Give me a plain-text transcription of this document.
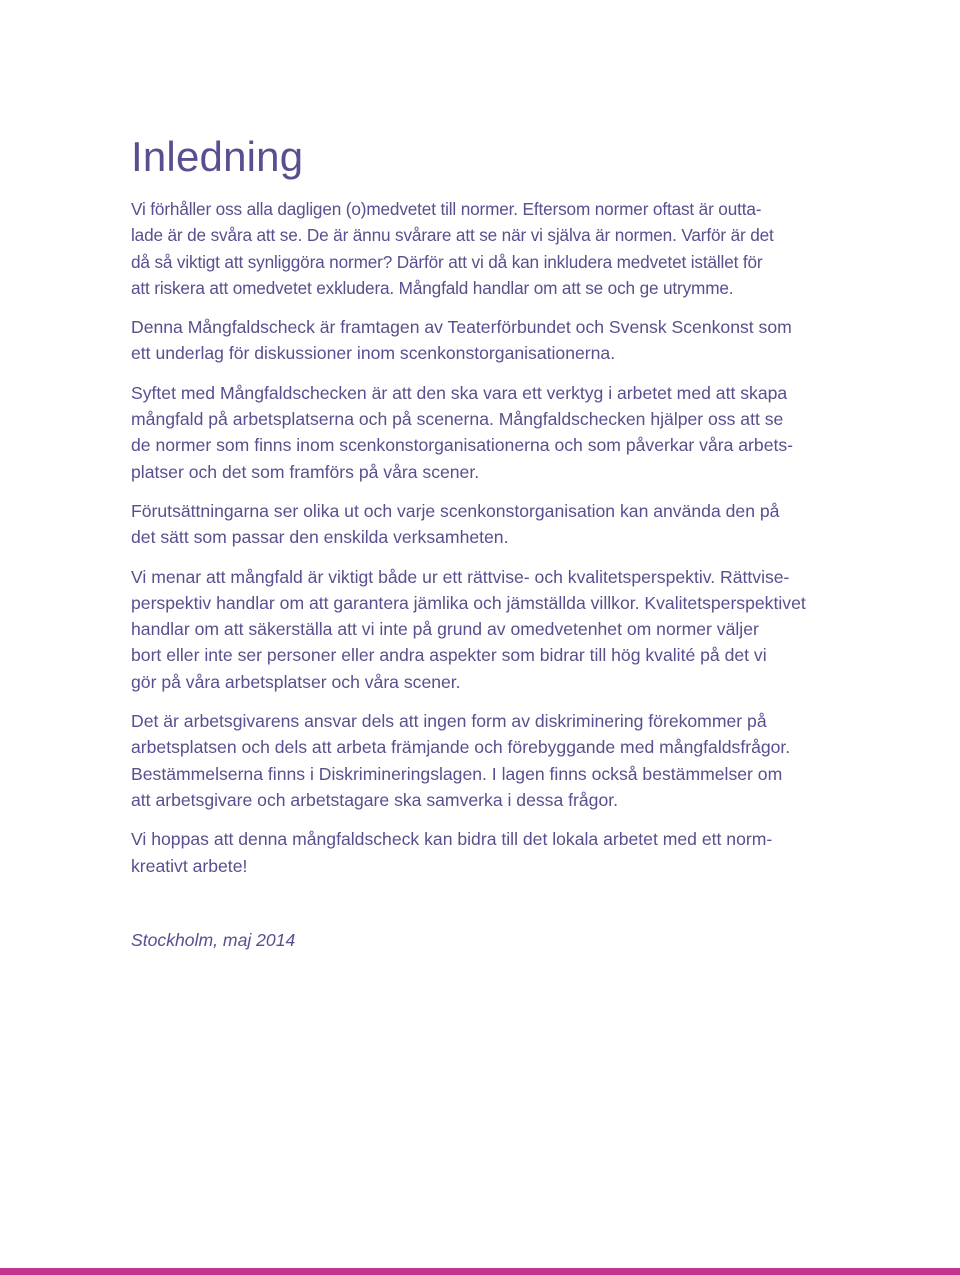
Inledning

Vi förhåller oss alla dagligen (o)medvetet till normer. Eftersom normer oftast är outta-
lade är de svåra att se. De är ännu svårare att se när vi själva är normen. Varför är det
då så viktigt att synliggöra normer? Därför att vi då kan inkludera medvetet istället för
att riskera att omedvetet exkludera. Mångfald handlar om att se och ge utrymme.

Denna Mångfaldscheck är framtagen av Teaterförbundet och Svensk Scenkonst som
ett underlag för diskussioner inom scenkonstorganisationerna.

Syftet med Mångfaldschecken är att den ska vara ett verktyg i arbetet med att skapa
mångfald på arbetsplatserna och på scenerna. Mångfaldschecken hjälper oss att se
de normer som finns inom scenkonstorganisationerna och som påverkar våra arbets-
platser och det som framförs på våra scener.

Förutsättningarna ser olika ut och varje scenkonstorganisation kan använda den på
det sätt som passar den enskilda verksamheten.

Vi menar att mångfald är viktigt både ur ett rättvise- och kvalitetsperspektiv. Rättvise-
perspektiv handlar om att garantera jämlika och jämställda villkor. Kvalitetsperspektivet
handlar om att säkerställa att vi inte på grund av omedvetenhet om normer väljer
bort eller inte ser personer eller andra aspekter som bidrar till hög kvalité på det vi
gör på våra arbetsplatser och våra scener.

Det är arbetsgivarens ansvar dels att ingen form av diskriminering förekommer på
arbetsplatsen och dels att arbeta främjande och förebyggande med mångfaldsfrågor.
Bestämmelserna finns i Diskrimineringslagen. I lagen finns också bestämmelser om
att arbetsgivare och arbetstagare ska samverka i dessa frågor.

Vi hoppas att denna mångfaldscheck kan bidra till det lokala arbetet med ett norm-
kreativt arbete!

Stockholm, maj 2014
